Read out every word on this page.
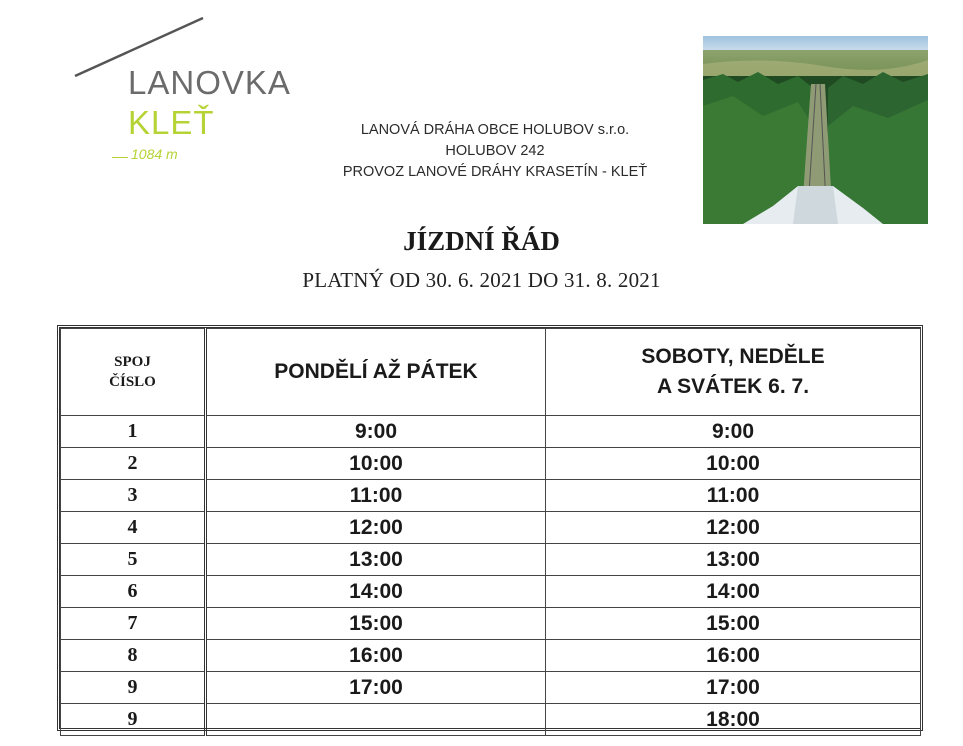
LANOVKA
KLEŤ
1084 m
LANOVÁ DRÁHA OBCE HOLUBOV s.r.o.
HOLUBOV 242
PROVOZ LANOVÉ DRÁHY KRASETÍN - KLEŤ
JÍZDNÍ ŘÁD
PLATNÝ OD 30. 6. 2021 DO 31. 8. 2021
SPOJ
ČÍSLO	PONDĚLÍ AŽ PÁTEK	SOBOTY, NEDĚLE
A SVÁTEK 6. 7.

1	9:00	9:00
2	10:00	10:00
3	11:00	11:00
4	12:00	12:00
5	13:00	13:00
6	14:00	14:00
7	15:00	15:00
8	16:00	16:00
9	17:00	17:00
9		18:00
